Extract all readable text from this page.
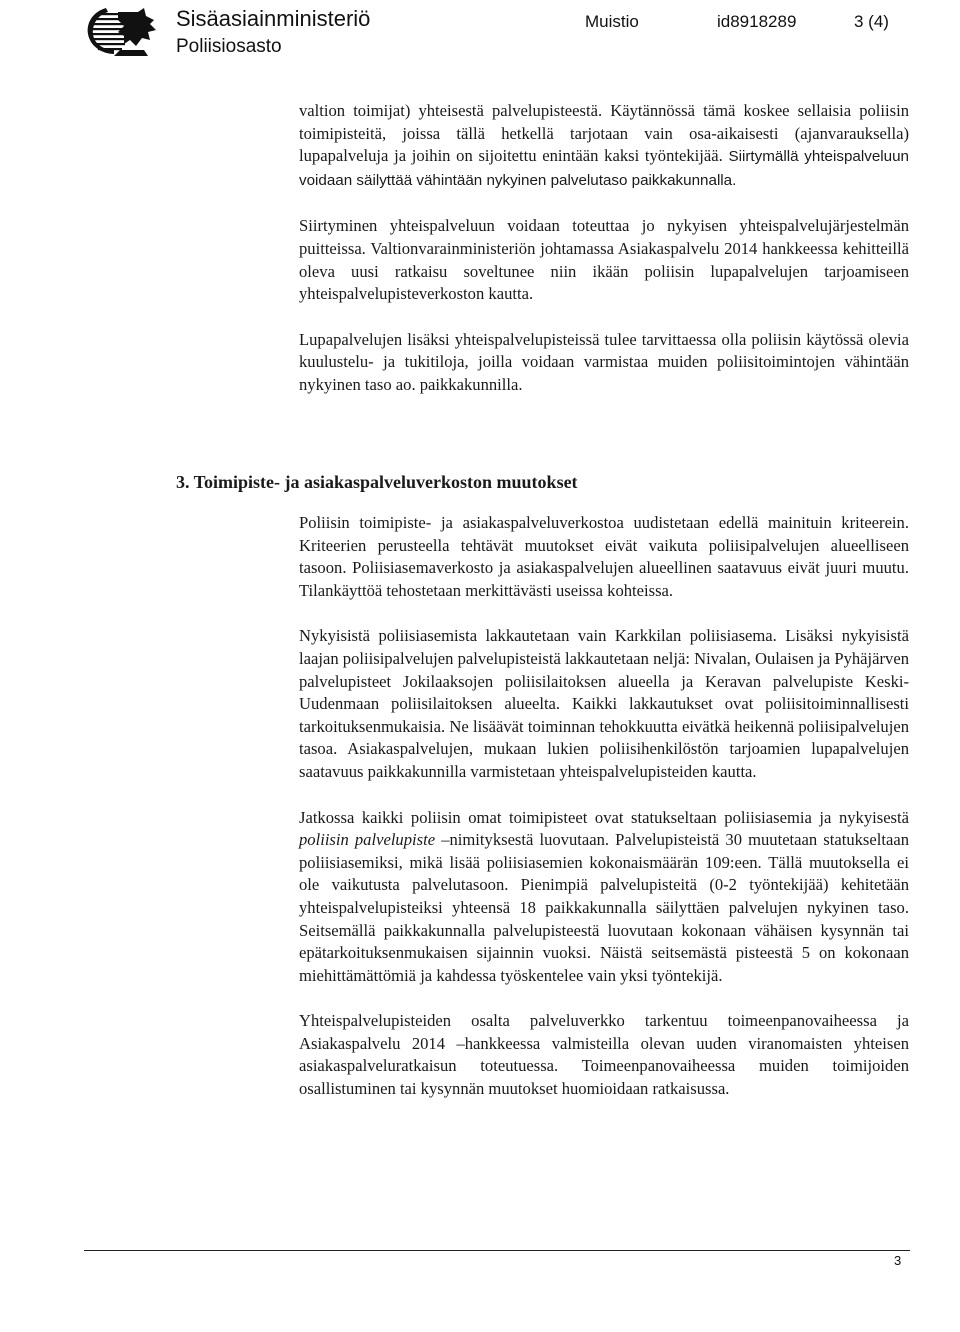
Sisäasiainministeriö
Poliisiosasto
Muistio	id8918289	3 (4)

valtion toimijat) yhteisestä palvelupisteestä. Käytännössä tämä koskee sellaisia poliisin toimipisteitä, joissa tällä hetkellä tarjotaan vain osa-aikaisesti (ajanvarauksella) lupapalveluja ja joihin on sijoitettu enintään kaksi työntekijää. Siirtymällä yhteispalveluun voidaan säilyttää vähintään nykyinen palvelutaso paikkakunnalla.

Siirtyminen yhteispalveluun voidaan toteuttaa jo nykyisen yhteispalvelujärjestelmän puitteissa. Valtionvarainministeriön johtamassa Asiakaspalvelu 2014 hankkeessa kehitteillä oleva uusi ratkaisu soveltunee niin ikään poliisin lupapalvelujen tarjoamiseen yhteispalvelupisteverkoston kautta.

Lupapalvelujen lisäksi yhteispalvelupisteissä tulee tarvittaessa olla poliisin käytössä olevia kuulustelu- ja tukitiloja, joilla voidaan varmistaa muiden poliisitoimintojen vähintään nykyinen taso ao. paikkakunnilla.

3. Toimipiste- ja asiakaspalveluverkoston muutokset

Poliisin toimipiste- ja asiakaspalveluverkostoa uudistetaan edellä mainituin kriteerein. Kriteerien perusteella tehtävät muutokset eivät vaikuta poliisipalvelujen alueelliseen tasoon. Poliisiasemaverkosto ja asiakaspalvelujen alueellinen saatavuus eivät juuri muutu. Tilankäyttöä tehostetaan merkittävästi useissa kohteissa.

Nykyisistä poliisiasemista lakkautetaan vain Karkkilan poliisiasema. Lisäksi nykyisistä laajan poliisipalvelujen palvelupisteistä lakkautetaan neljä: Nivalan, Oulaisen ja Pyhäjärven palvelupisteet Jokilaaksojen poliisilaitoksen alueella ja Keravan palvelupiste Keski-Uudenmaan poliisilaitoksen alueelta. Kaikki lakkautukset ovat poliisitoiminnallisesti tarkoituksenmukaisia. Ne lisäävät toiminnan tehokkuutta eivätkä heikennä poliisipalvelujen tasoa. Asiakaspalvelujen, mukaan lukien poliisihenkilöstön tarjoamien lupapalvelujen saatavuus paikkakunnilla varmistetaan yhteispalvelupisteiden kautta.

Jatkossa kaikki poliisin omat toimipisteet ovat statukseltaan poliisiasemia ja nykyisestä poliisin palvelupiste –nimityksestä luovutaan. Palvelupisteistä 30 muutetaan statukseltaan poliisiasemiksi, mikä lisää poliisiasemien kokonaismäärän 109:een. Tällä muutoksella ei ole vaikutusta palvelutasoon. Pienimpiä palvelupisteitä (0-2 työntekijää) kehitetään yhteispalvelupisteiksi yhteensä 18 paikkakunnalla säilyttäen palvelujen nykyinen taso. Seitsemällä paikkakunnalla palvelupisteestä luovutaan kokonaan vähäisen kysynnän tai epätarkoituksenmukaisen sijainnin vuoksi. Näistä seitsemästä pisteestä 5 on kokonaan miehittämättömiä ja kahdessa työskentelee vain yksi työntekijä.

Yhteispalvelupisteiden osalta palveluverkko tarkentuu toimeenpanovaiheessa ja Asiakaspalvelu 2014 –hankkeessa valmisteilla olevan uuden viranomaisten yhteisen asiakaspalveluratkaisun toteutuessa. Toimeenpanovaiheessa muiden toimijoiden osallistuminen tai kysynnän muutokset huomioidaan ratkaisussa.

3
